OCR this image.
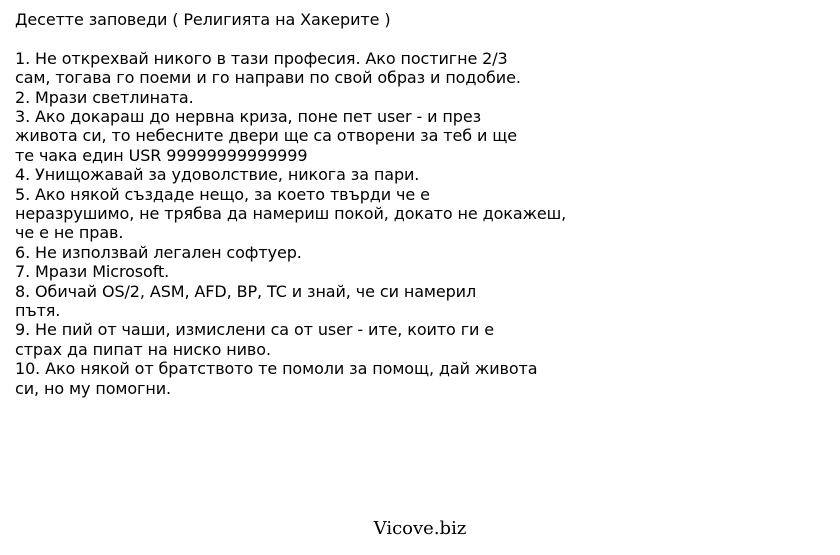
Десетте заповеди ( Религията на Хакерите )
1. Не открехвай никого в тази професия. Ако постигне 2/3
сам, тогава го поеми и го направи по свой образ и подобие.
2. Мрази светлината.
3. Ако докараш до нервна криза, поне пет user - и през
живота си, то небесните двери ще са отворени за теб и ще
те чака един USR 99999999999999
4. Унищожавай за удоволствие, никога за пари.
5. Ако някой създаде нещо, за което твърди че е
неразрушимо, не трябва да намериш покой, докато не докажеш,
че е не прав.
6. Не използвай легален софтуер.
7. Мрази Microsoft.
8. Обичай OS/2, ASM, AFD, BP, TC и знай, че си намерил
пътя.
9. Не пий от чаши, измислени са от user - ите, които ги е
страх да пипат на ниско ниво.
10. Ако някой от братството те помоли за помощ, дай живота
си, но му помогни.
Vicove.biz
